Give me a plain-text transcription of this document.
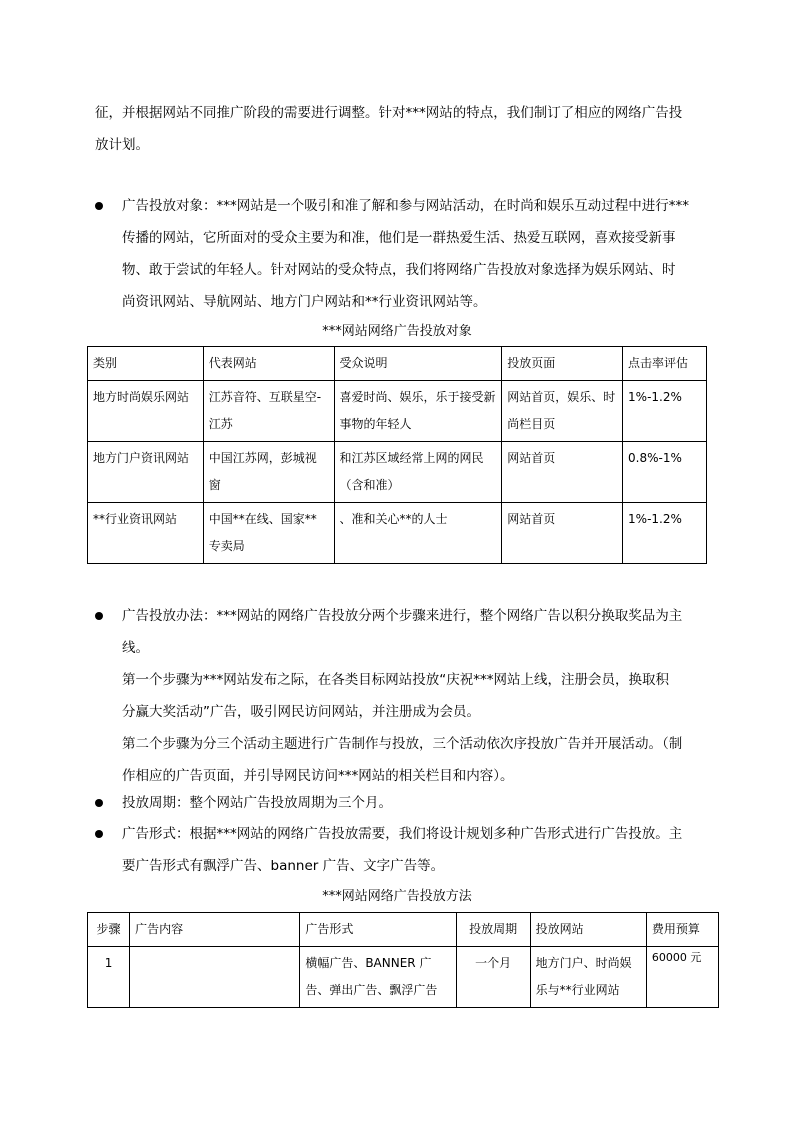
征，并根据网站不同推广阶段的需要进行调整。针对***网站的特点，我们制订了相应的网络广告投

放计划。

广告投放对象：***网站是一个吸引和准了解和参与网站活动，在时尚和娱乐互动过程中进行***

传播的网站，它所面对的受众主要为和准，他们是一群热爱生活、热爱互联网，喜欢接受新事

物、敢于尝试的年轻人。针对网站的受众特点，我们将网络广告投放对象选择为娱乐网站、时

尚资讯网站、导航网站、地方门户网站和**行业资讯网站等。

***网站网络广告投放对象

类别	代表网站	受众说明	投放页面	点击率评估
地方时尚娱乐网站	江苏音符、互联星空-江苏	喜爱时尚、娱乐，乐于接受新事物的年轻人	网站首页，娱乐、时尚栏目页	1%-1.2%
地方门户资讯网站	中国江苏网，彭城视窗	和江苏区域经常上网的网民（含和准）	网站首页	0.8%-1%
**行业资讯网站	中国**在线、国家**专卖局	、准和关心**的人士	网站首页	1%-1.2%

广告投放办法：***网站的网络广告投放分两个步骤来进行，整个网络广告以积分换取奖品为主

线。

第一个步骤为***网站发布之际，在各类目标网站投放“庆祝***网站上线，注册会员，换取积

分赢大奖活动”广告，吸引网民访问网站，并注册成为会员。

第二个步骤为分三个活动主题进行广告制作与投放，三个活动依次序投放广告并开展活动。（制

作相应的广告页面，并引导网民访问***网站的相关栏目和内容）。

投放周期：整个网站广告投放周期为三个月。

广告形式：根据***网站的网络广告投放需要，我们将设计规划多种广告形式进行广告投放。主

要广告形式有飘浮广告、banner 广告、文字广告等。

***网站网络广告投放方法

步骤	广告内容	广告形式	投放周期	投放网站	费用预算
1		横幅广告、BANNER 广告、弹出广告、飘浮广告	一个月	地方门户、时尚娱乐与**行业网站	60000 元
